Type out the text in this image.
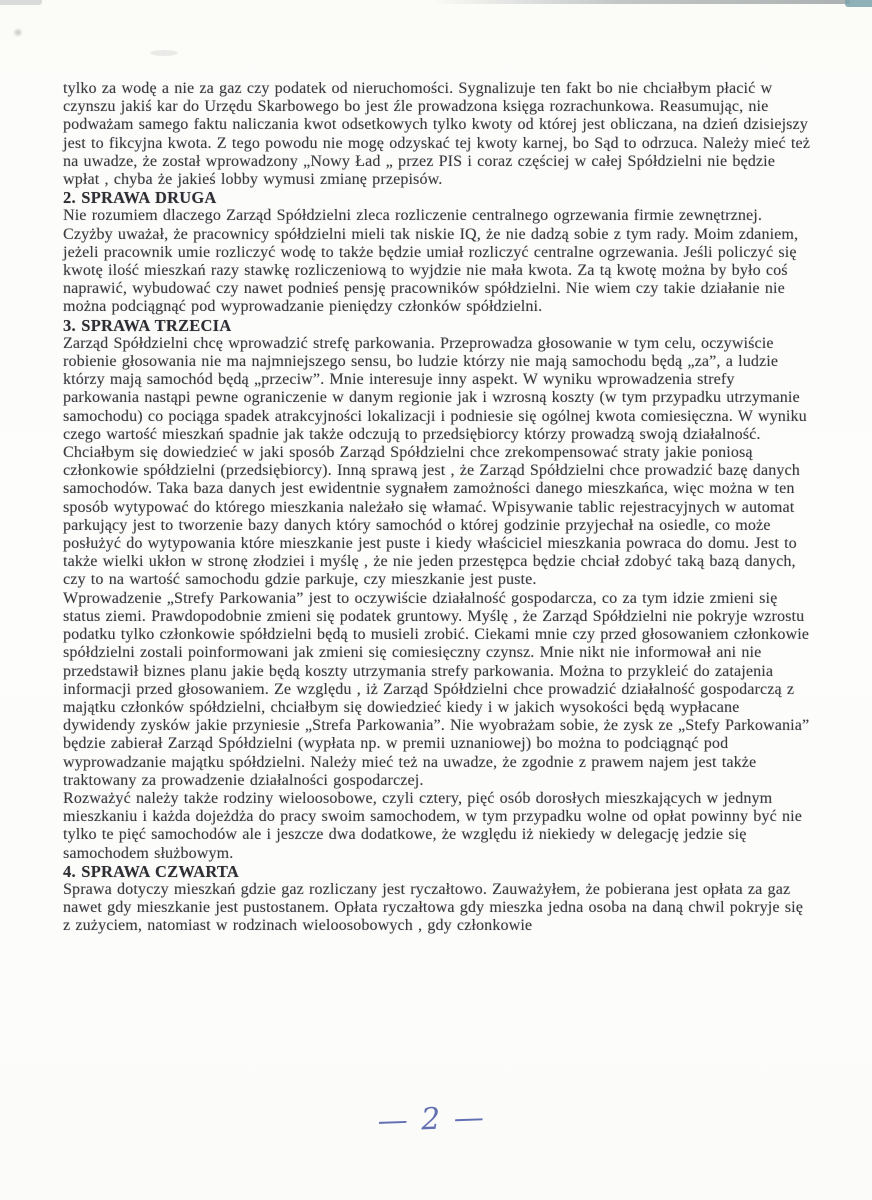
tylko za wodę a nie za gaz czy podatek od nieruchomości. Sygnalizuje ten fakt bo nie chciałbym płacić w czynszu jakiś kar do Urzędu Skarbowego bo jest źle prowadzona księga rozrachunkowa. Reasumując, nie podważam samego faktu naliczania kwot odsetkowych tylko kwoty od której jest obliczana, na dzień dzisiejszy jest to fikcyjna kwota. Z tego powodu nie mogę odzyskać tej kwoty karnej, bo Sąd to odrzuca. Należy mieć też na uwadze, że został wprowadzony „Nowy Ład „ przez PIS i coraz częściej w całej Spółdzielni nie będzie wpłat , chyba że jakieś lobby wymusi zmianę przepisów.

2. SPRAWA DRUGA

Nie rozumiem dlaczego Zarząd Spółdzielni zleca rozliczenie centralnego ogrzewania firmie zewnętrznej. Czyżby uważał, że pracownicy spółdzielni mieli tak niskie IQ, że nie dadzą sobie z tym rady. Moim zdaniem, jeżeli pracownik umie rozliczyć wodę to także będzie umiał rozliczyć centralne ogrzewania. Jeśli policzyć się kwotę ilość mieszkań razy stawkę rozliczeniową to wyjdzie nie mała kwota. Za tą kwotę można by było coś naprawić, wybudować czy nawet podnieś pensję pracowników spółdzielni. Nie wiem czy takie działanie nie można podciągnąć pod wyprowadzanie pieniędzy członków spółdzielni.

3. SPRAWA TRZECIA

Zarząd Spółdzielni chcę wprowadzić strefę parkowania. Przeprowadza głosowanie w tym celu, oczywiście robienie głosowania nie ma najmniejszego sensu, bo ludzie którzy nie mają samochodu będą „za”, a ludzie którzy mają samochód będą „przeciw”. Mnie interesuje inny aspekt. W wyniku wprowadzenia strefy parkowania nastąpi pewne ograniczenie w danym regionie jak i wzrosną koszty (w tym przypadku utrzymanie samochodu) co pociąga spadek atrakcyjności lokalizacji i podniesie się ogólnej kwota comiesięczna. W wyniku czego wartość mieszkań spadnie jak także odczują to przedsiębiorcy którzy prowadzą swoją działalność. Chciałbym się dowiedzieć w jaki sposób Zarząd Spółdzielni chce zrekompensować straty jakie poniosą członkowie spółdzielni (przedsiębiorcy). Inną sprawą jest , że Zarząd Spółdzielni chce prowadzić bazę danych samochodów. Taka baza danych jest ewidentnie sygnałem zamożności danego mieszkańca, więc można w ten sposób wytypować do którego mieszkania należało się włamać. Wpisywanie tablic rejestracyjnych w automat parkujący jest to tworzenie bazy danych który samochód o której godzinie przyjechał na osiedle, co może posłużyć do wytypowania które mieszkanie jest puste i kiedy właściciel mieszkania powraca do domu. Jest to także wielki ukłon w stronę złodziei i myślę , że nie jeden przestępca będzie chciał zdobyć taką bazą danych, czy to na wartość samochodu gdzie parkuje, czy mieszkanie jest puste.

Wprowadzenie „Strefy Parkowania” jest to oczywiście działalność gospodarcza, co za tym idzie zmieni się status ziemi. Prawdopodobnie zmieni się podatek gruntowy. Myślę , że Zarząd Spółdzielni nie pokryje wzrostu podatku tylko członkowie spółdzielni będą to musieli zrobić. Ciekami mnie czy przed głosowaniem członkowie spółdzielni zostali poinformowani jak zmieni się comiesięczny czynsz. Mnie nikt nie informował ani nie przedstawił biznes planu jakie będą koszty utrzymania strefy parkowania. Można to przykleić do zatajenia informacji przed głosowaniem. Ze względu , iż Zarząd Spółdzielni chce prowadzić działalność gospodarczą z majątku członków spółdzielni, chciałbym się dowiedzieć kiedy i w jakich wysokości będą wypłacane dywidendy zysków jakie przyniesie „Strefa Parkowania”. Nie wyobrażam sobie, że zysk ze „Stefy Parkowania” będzie zabierał Zarząd Spółdzielni (wypłata np. w premii uznaniowej) bo można to podciągnąć pod wyprowadzanie majątku spółdzielni. Należy mieć też na uwadze, że zgodnie z prawem najem jest także traktowany za prowadzenie działalności gospodarczej.

Rozważyć należy także rodziny wieloosobowe, czyli cztery, pięć osób dorosłych mieszkających w jednym mieszkaniu i każda dojeżdża do pracy swoim samochodem, w tym przypadku wolne od opłat powinny być nie tylko te pięć samochodów ale i jeszcze dwa dodatkowe, że względu iż niekiedy w delegację jedzie się samochodem służbowym.

4. SPRAWA CZWARTA

Sprawa dotyczy mieszkań gdzie gaz rozliczany jest ryczałtowo. Zauważyłem, że pobierana jest opłata za gaz nawet gdy mieszkanie jest pustostanem. Opłata ryczałtowa gdy mieszka jedna osoba na daną chwil pokryje się z zużyciem, natomiast w rodzinach wieloosobowych , gdy członkowie

— 2 —
